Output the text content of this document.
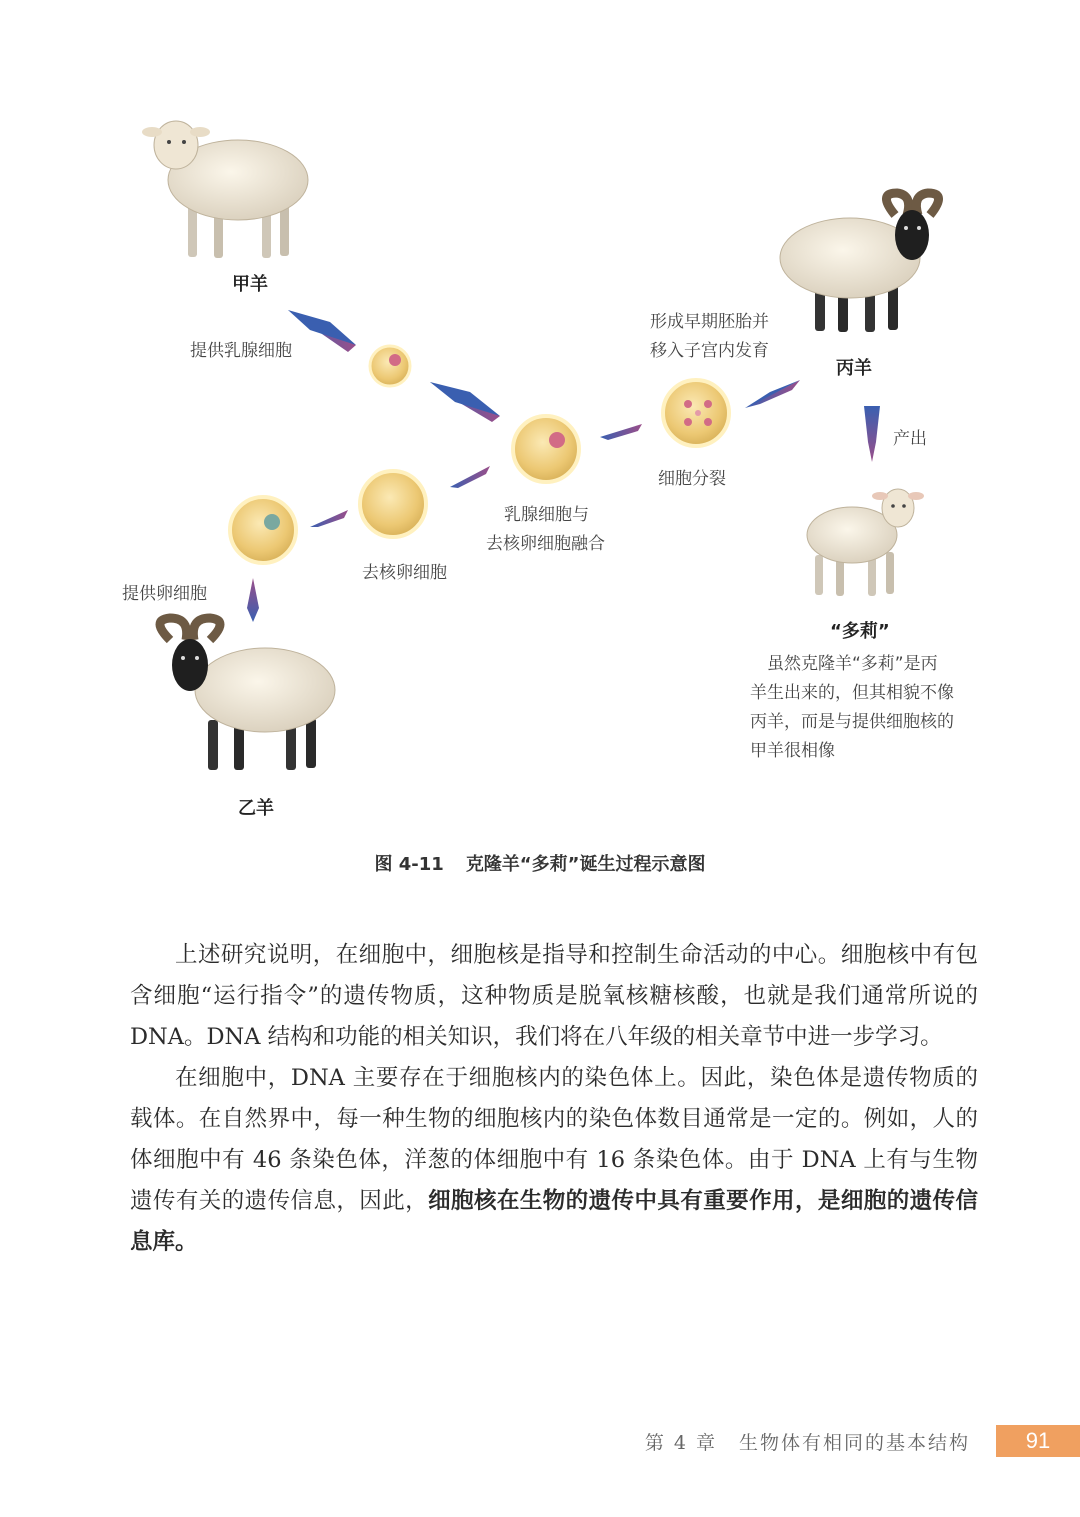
甲羊
乙羊
丙羊
“多莉”
提供乳腺细胞
提供卵细胞
去核卵细胞
乳腺细胞与
去核卵细胞融合
细胞分裂
形成早期胚胎并
移入子宫内发育
产出
虽然克隆羊“多莉”是丙
羊生出来的，但其相貌不像
丙羊，而是与提供细胞核的
甲羊很相像
图 4-11 克隆羊“多莉”诞生过程示意图

上述研究说明，在细胞中，细胞核是指导和控制生命活动的中心。细胞核中有包含细胞“运行指令”的遗传物质，这种物质是脱氧核糖核酸，也就是我们通常所说的 DNA。DNA 结构和功能的相关知识，我们将在八年级的相关章节中进一步学习。

在细胞中，DNA 主要存在于细胞核内的染色体上。因此，染色体是遗传物质的载体。在自然界中，每一种生物的细胞核内的染色体数目通常是一定的。例如，人的体细胞中有 46 条染色体，洋葱的体细胞中有 16 条染色体。由于 DNA 上有与生物遗传有关的遗传信息，因此，细胞核在生物的遗传中具有重要作用，是细胞的遗传信息库。

第 4 章 生物体有相同的基本结构	91
